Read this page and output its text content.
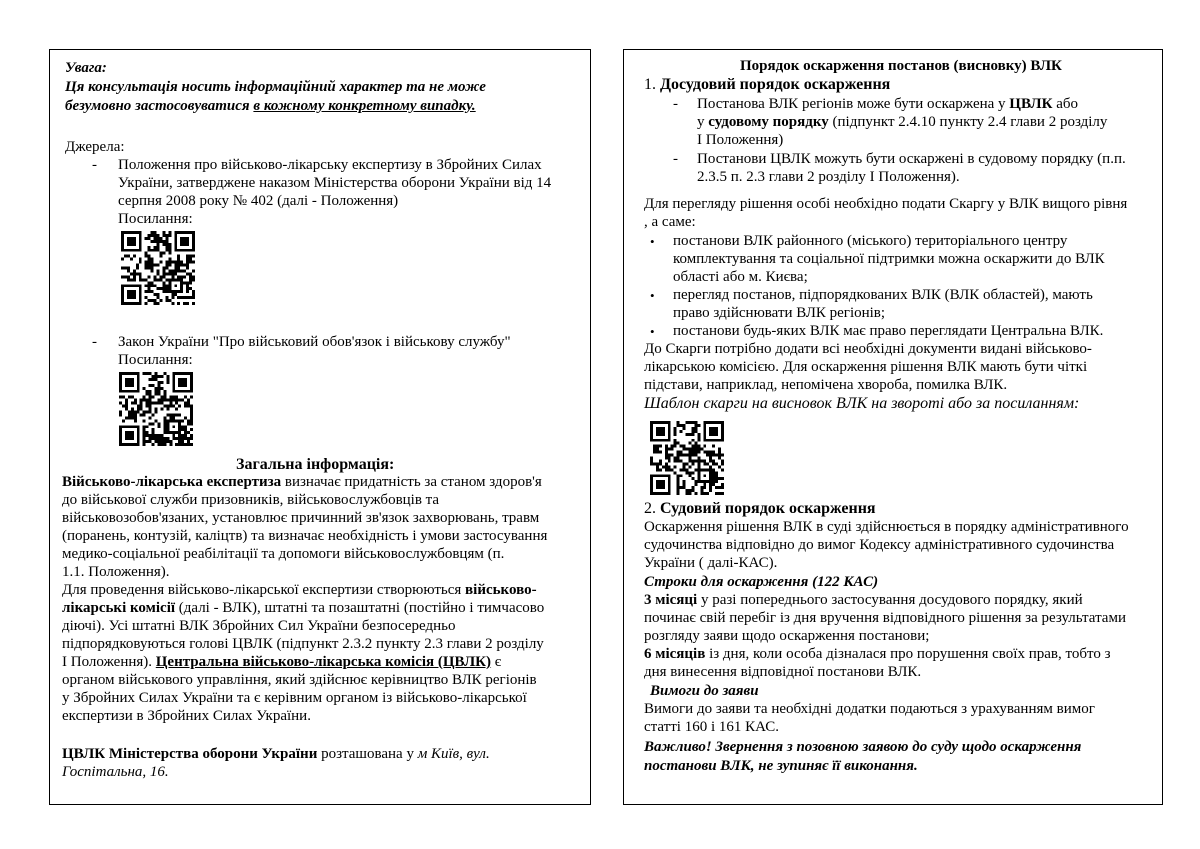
Увага:
Ця консультація носить інформаційний характер та не може
безумовно застосовуватися в кожному конкретному випадку.
Джерела:
- Положення про військово-лікарську експертизу в Збройних Силах
України, затверджене наказом Міністерства оборони України від 14
серпня 2008 року № 402 (далі - Положення)
Посилання:
- Закон України "Про військовий обов'язок і військову службу"
Посилання:
Загальна інформація:
Військово-лікарська експертиза визначає придатність за станом здоров'я
до військової служби призовників, військовослужбовців та
військовозобов'язаних, установлює причинний зв'язок захворювань, травм
(поранень, контузій, каліцтв) та визначає необхідність і умови застосування
медико-соціальної реабілітації та допомоги військовослужбовцям (п.
1.1. Положення).
Для проведення військово-лікарської експертизи створюються військово-
лікарські комісії (далі - ВЛК), штатні та позаштатні (постійно і тимчасово
діючі). Усі штатні ВЛК Збройних Сил України безпосередньо
підпорядковуються голові ЦВЛК (підпункт 2.3.2 пункту 2.3 глави 2 розділу
I Положення). Центральна військово-лікарська комісія (ЦВЛК) є
органом військового управління, який здійснює керівництво ВЛК регіонів
у Збройних Силах України та є керівним органом із військово-лікарської
експертизи в Збройних Силах України.
ЦВЛК Міністерства оборони України розташована у м Київ, вул.
Госпітальна, 16.
Порядок оскарження постанов (висновку) ВЛК
1. Досудовий порядок оскарження
- Постанова ВЛК регіонів може бути оскаржена у ЦВЛК або
у судовому порядку (підпункт 2.4.10 пункту 2.4 глави 2 розділу
I Положення)
- Постанови ЦВЛК можуть бути оскаржені в судовому порядку (п.п.
2.3.5 п. 2.3 глави 2 розділу I Положення).
Для перегляду рішення особі необхідно подати Скаргу у ВЛК вищого рівня
, а саме:
• постанови ВЛК районного (міського) територіального центру
комплектування та соціальної підтримки можна оскаржити до ВЛК
області або м. Києва;
• перегляд постанов, підпорядкованих ВЛК (ВЛК областей), мають
право здійснювати ВЛК регіонів;
• постанови будь-яких ВЛК має право переглядати Центральна ВЛК.
До Скарги потрібно додати всі необхідні документи видані військово-
лікарською комісією. Для оскарження рішення ВЛК мають бути чіткі
підстави, наприклад, непомічена хвороба, помилка ВЛК.
Шаблон скарги на висновок ВЛК на звороті або за посиланням:
2. Судовий порядок оскарження
Оскарження рішення ВЛК в суді здійснюється в порядку адміністративного
судочинства відповідно до вимог Кодексу адміністративного судочинства
України ( далі-КАС).
Строки для оскарження (122 КАС)
3 місяці у разі попереднього застосування досудового порядку, який
починає свій перебіг із дня вручення відповідного рішення за результатами
розгляду заяви щодо оскарження постанови;
6 місяців із дня, коли особа дізналася про порушення своїх прав, тобто з
дня винесення відповідної постанови ВЛК.
Вимоги до заяви
Вимоги до заяви та необхідні додатки подаються з урахуванням вимог
статті 160 і 161 КАС.
Важливо! Звернення з позовною заявою до суду щодо оскарження
постанови ВЛК, не зупиняє її виконання.
